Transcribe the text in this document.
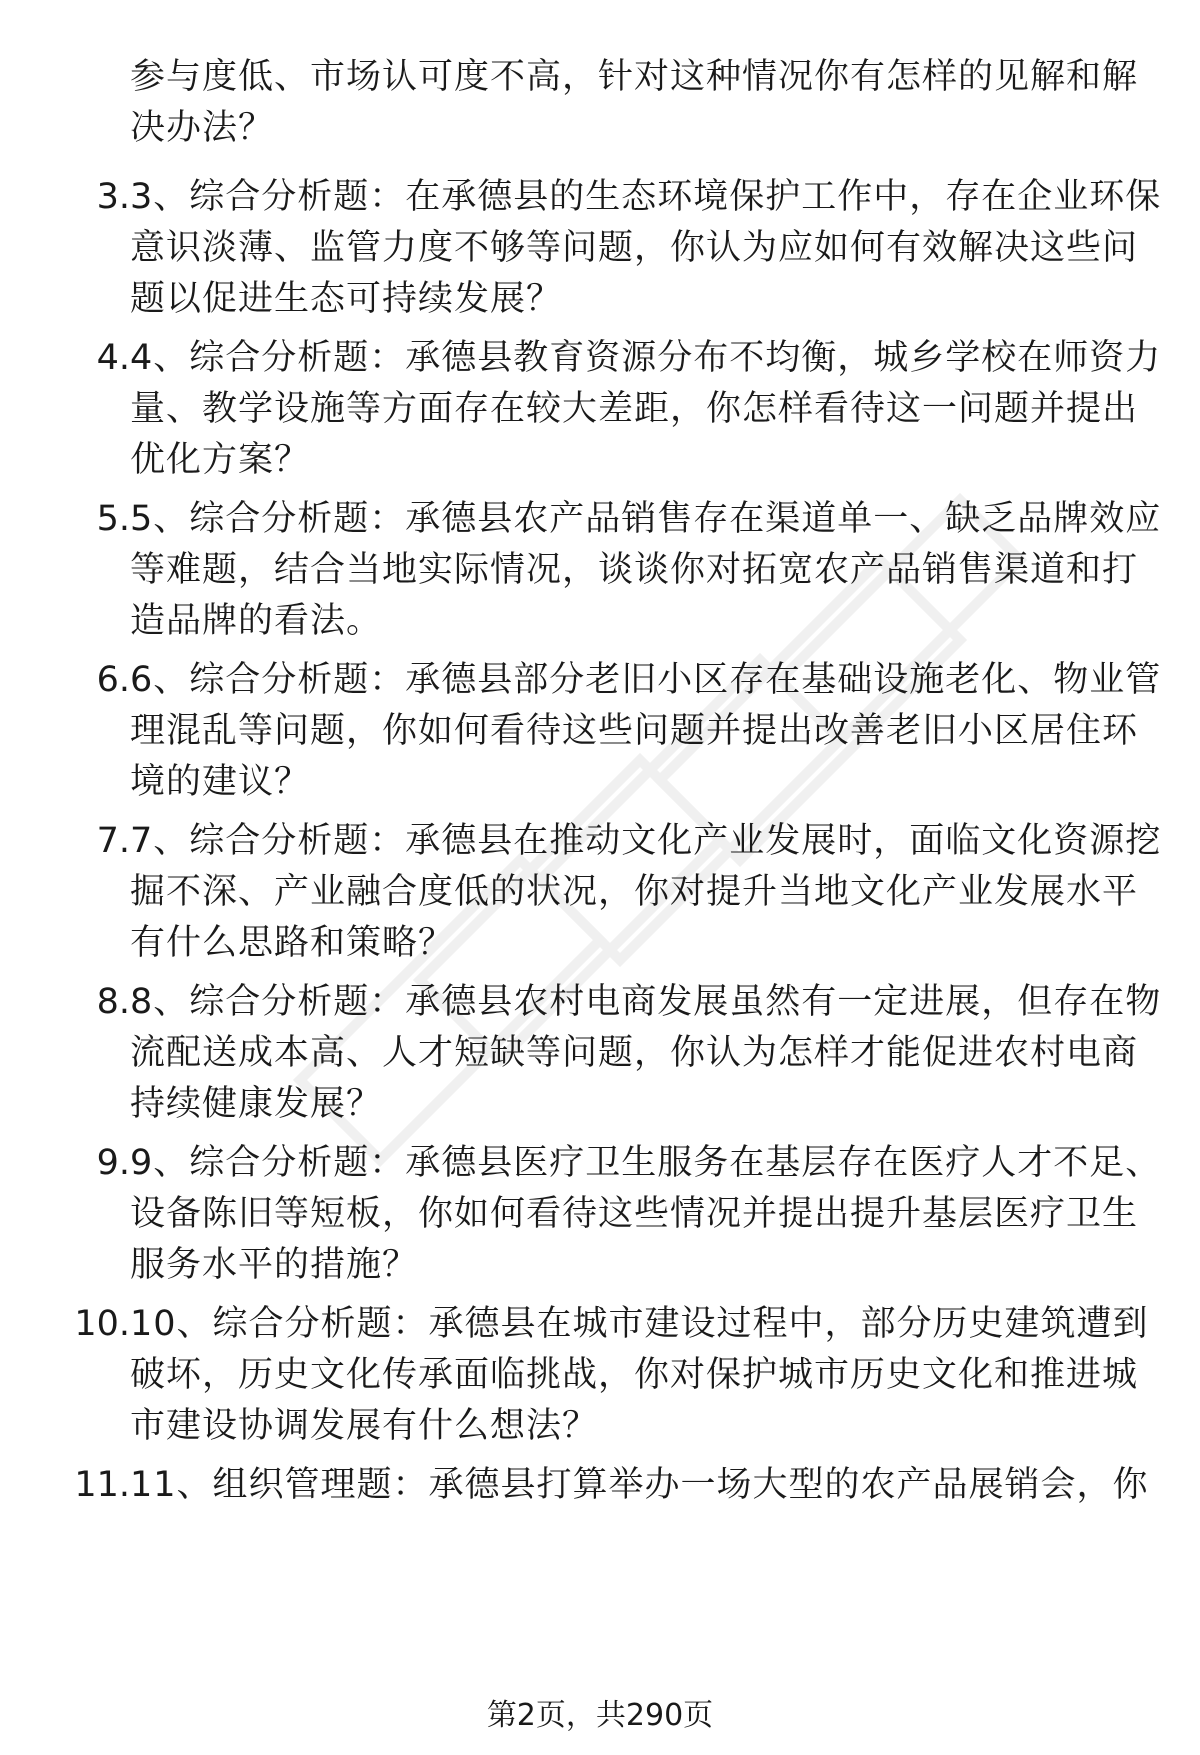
参与度低、市场认可度不高，针对这种情况你有怎样的见解和解
决办法？
3. 3、综合分析题：在承德县的生态环境保护工作中，存在企业环保
意识淡薄、监管力度不够等问题，你认为应如何有效解决这些问
题以促进生态可持续发展？
4. 4、综合分析题：承德县教育资源分布不均衡，城乡学校在师资力
量、教学设施等方面存在较大差距，你怎样看待这一问题并提出
优化方案？
5. 5、综合分析题：承德县农产品销售存在渠道单一、缺乏品牌效应
等难题，结合当地实际情况，谈谈你对拓宽农产品销售渠道和打
造品牌的看法。
6. 6、综合分析题：承德县部分老旧小区存在基础设施老化、物业管
理混乱等问题，你如何看待这些问题并提出改善老旧小区居住环
境的建议？
7. 7、综合分析题：承德县在推动文化产业发展时，面临文化资源挖
掘不深、产业融合度低的状况，你对提升当地文化产业发展水平
有什么思路和策略？
8. 8、综合分析题：承德县农村电商发展虽然有一定进展，但存在物
流配送成本高、人才短缺等问题，你认为怎样才能促进农村电商
持续健康发展？
9. 9、综合分析题：承德县医疗卫生服务在基层存在医疗人才不足、
设备陈旧等短板，你如何看待这些情况并提出提升基层医疗卫生
服务水平的措施？
10. 10、综合分析题：承德县在城市建设过程中，部分历史建筑遭到
破坏，历史文化传承面临挑战，你对保护城市历史文化和推进城
市建设协调发展有什么想法？
11. 11、组织管理题：承德县打算举办一场大型的农产品展销会，你
第2页，共290页
